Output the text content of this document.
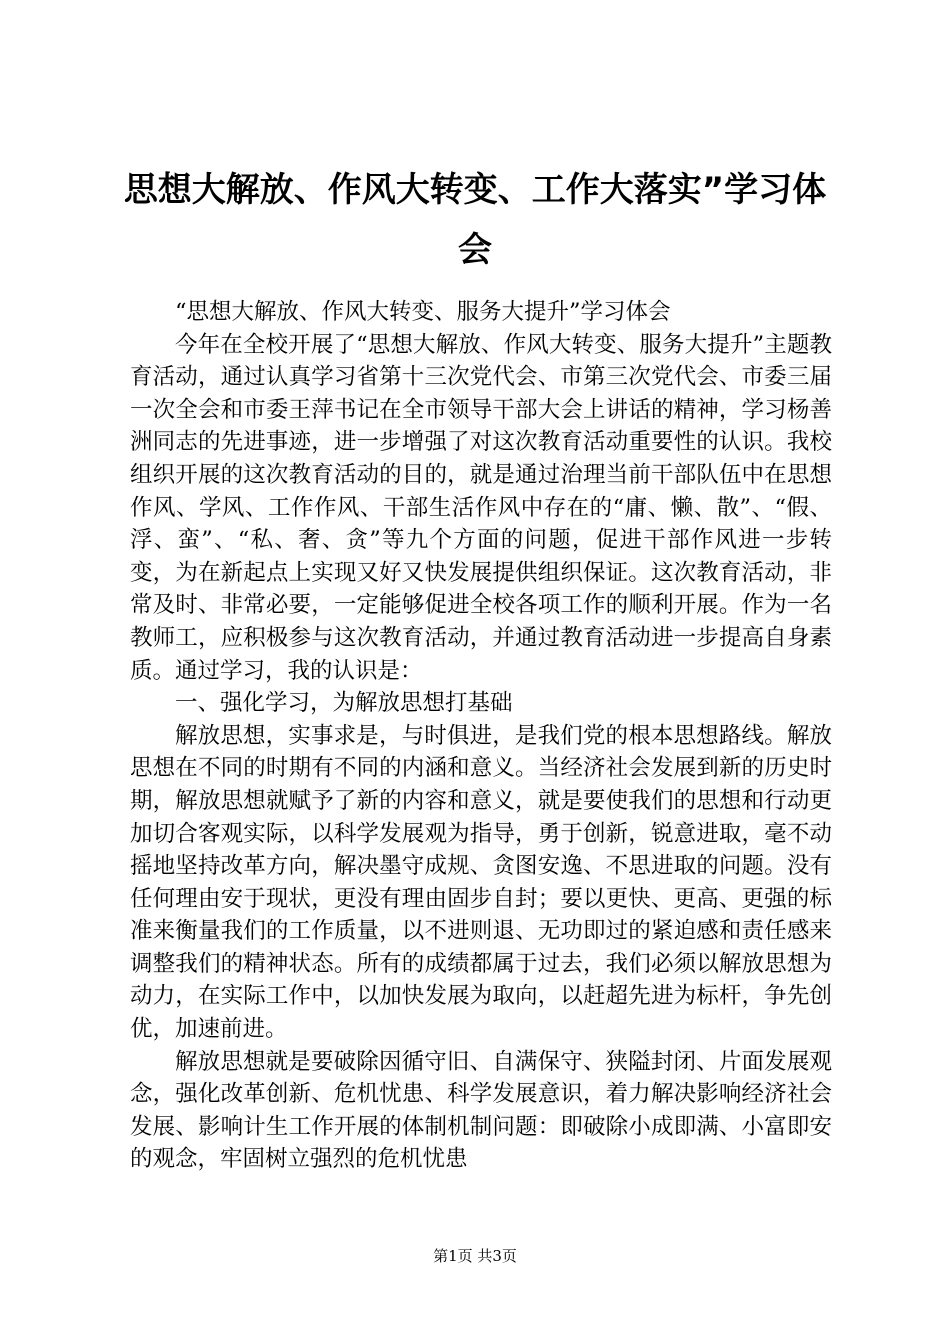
思想大解放、作风大转变、工作大落实”学习体会

“思想大解放、作风大转变、服务大提升”学习体会

今年在全校开展了“思想大解放、作风大转变、服务大提升”主题教育活动，通过认真学习省第十三次党代会、市第三次党代会、市委三届一次全会和市委王萍书记在全市领导干部大会上讲话的精神，学习杨善洲同志的先进事迹，进一步增强了对这次教育活动重要性的认识。我校组织开展的这次教育活动的目的，就是通过治理当前干部队伍中在思想作风、学风、工作作风、干部生活作风中存在的“庸、懒、散”、“假、浮、蛮”、“私、奢、贪”等九个方面的问题，促进干部作风进一步转变，为在新起点上实现又好又快发展提供组织保证。这次教育活动，非常及时、非常必要，一定能够促进全校各项工作的顺利开展。作为一名教师工，应积极参与这次教育活动，并通过教育活动进一步提高自身素质。通过学习，我的认识是：

一、强化学习，为解放思想打基础

解放思想，实事求是，与时俱进，是我们党的根本思想路线。解放思想在不同的时期有不同的内涵和意义。当经济社会发展到新的历史时期，解放思想就赋予了新的内容和意义，就是要使我们的思想和行动更加切合客观实际，以科学发展观为指导，勇于创新，锐意进取，毫不动摇地坚持改革方向，解决墨守成规、贪图安逸、不思进取的问题。没有任何理由安于现状，更没有理由固步自封；要以更快、更高、更强的标准来衡量我们的工作质量，以不进则退、无功即过的紧迫感和责任感来调整我们的精神状态。所有的成绩都属于过去，我们必须以解放思想为动力，在实际工作中，以加快发展为取向，以赶超先进为标杆，争先创优，加速前进。

解放思想就是要破除因循守旧、自满保守、狭隘封闭、片面发展观念，强化改革创新、危机忧患、科学发展意识，着力解决影响经济社会发展、影响计生工作开展的体制机制问题：即破除小成即满、小富即安的观念，牢固树立强烈的危机忧患

第1页 共3页
